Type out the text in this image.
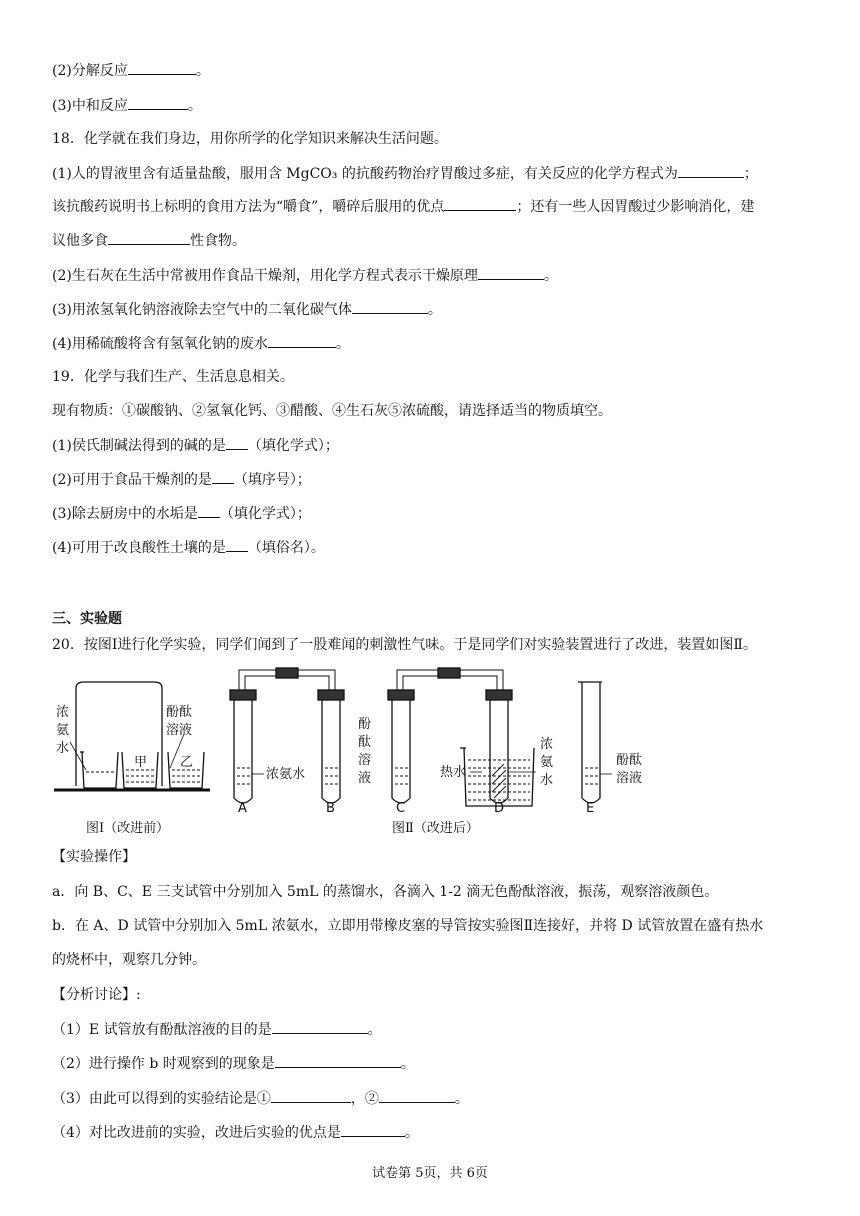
(2)分解反应	。
(3)中和反应	。
18．化学就在我们身边，用你所学的化学知识来解决生活问题。
(1)人的胃液里含有适量盐酸，服用含 MgCO₃ 的抗酸药物治疗胃酸过多症，有关反应的化学方程式为	；
该抗酸药说明书上标明的食用方法为“嚼食”，嚼碎后服用的优点	；还有一些人因胃酸过少影响消化，建
议他多食	性食物。
(2)生石灰在生活中常被用作食品干燥剂，用化学方程式表示干燥原理	。
(3)用浓氢氧化钠溶液除去空气中的二氧化碳气体	。
(4)用稀硫酸将含有氢氧化钠的废水	。
19．化学与我们生产、生活息息相关。
现有物质：①碳酸钠、②氢氧化钙、③醋酸、④生石灰⑤浓硫酸，请选择适当的物质填空。
(1)侯氏制碱法得到的碱的是 （填化学式）；
(2)可用于食品干燥剂的是 （填序号）；
(3)除去厨房中的水垢是 （填化学式）；
(4)可用于改良酸性土壤的是 （填俗名）。
三、实验题
20．按图Ⅰ进行化学实验，同学们闻到了一股难闻的刺激性气味。于是同学们对实验装置进行了改进，装置如图Ⅱ。
浓
氨
水
酚酞
溶液
甲	乙
图Ⅰ（改进前）
浓氨水
酚
酞
溶
液	热水
浓
氨
水
酚酞
溶液
A	B	C	D	E
图Ⅱ（改进后）
【实验操作】
a．向 B、C、E 三支试管中分别加入 5mL 的蒸馏水，各滴入 1-2 滴无色酚酞溶液，振荡，观察溶液颜色。
b．在 A、D 试管中分别加入 5mL 浓氨水，立即用带橡皮塞的导管按实验图Ⅱ连接好，并将 D 试管放置在盛有热水
的烧杯中，观察几分钟。
【分析讨论】:
（1）E 试管放有酚酞溶液的目的是	。
（2）进行操作 b 时观察到的现象是	。
（3）由此可以得到的实验结论是①	，②	。
（4）对比改进前的实验，改进后实验的优点是	。
试卷第 5页，共 6页
